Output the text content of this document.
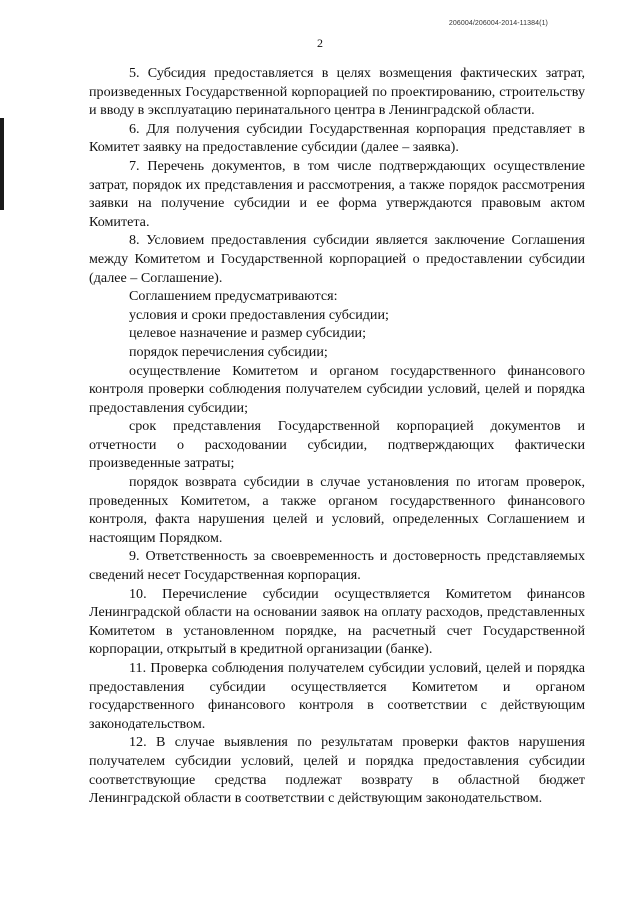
206004/206004-2014-11384(1)
2

5. Субсидия предоставляется в целях возмещения фактических затрат, произведенных Государственной корпорацией по проектированию, строительству и вводу в эксплуатацию перинатального центра в Ленинградской области.

6. Для получения субсидии Государственная корпорация представляет в Комитет заявку на предоставление субсидии (далее – заявка).

7. Перечень документов, в том числе подтверждающих осуществление затрат, порядок их представления и рассмотрения, а также порядок рассмотрения заявки на получение субсидии и ее форма утверждаются правовым актом Комитета.

8. Условием предоставления субсидии является заключение Соглашения между Комитетом и Государственной корпорацией о предоставлении субсидии (далее – Соглашение).

Соглашением предусматриваются:

условия и сроки предоставления субсидии;

целевое назначение и размер субсидии;

порядок перечисления субсидии;

осуществление Комитетом и органом государственного финансового контроля проверки соблюдения получателем субсидии условий, целей и порядка предоставления субсидии;

срок представления Государственной корпорацией документов и отчетности о расходовании субсидии, подтверждающих фактически произведенные затраты;

порядок возврата субсидии в случае установления по итогам проверок, проведенных Комитетом, а также органом государственного финансового контроля, факта нарушения целей и условий, определенных Соглашением и настоящим Порядком.

9. Ответственность за своевременность и достоверность представляемых сведений несет Государственная корпорация.

10. Перечисление субсидии осуществляется Комитетом финансов Ленинградской области на основании заявок на оплату расходов, представленных Комитетом в установленном порядке, на расчетный счет Государственной корпорации, открытый в кредитной организации (банке).

11. Проверка соблюдения получателем субсидии условий, целей и порядка предоставления субсидии осуществляется Комитетом и органом государственного финансового контроля в соответствии с действующим законодательством.

12. В случае выявления по результатам проверки фактов нарушения получателем субсидии условий, целей и порядка предоставления субсидии соответствующие средства подлежат возврату в областной бюджет Ленинградской области в соответствии с действующим законодательством.
